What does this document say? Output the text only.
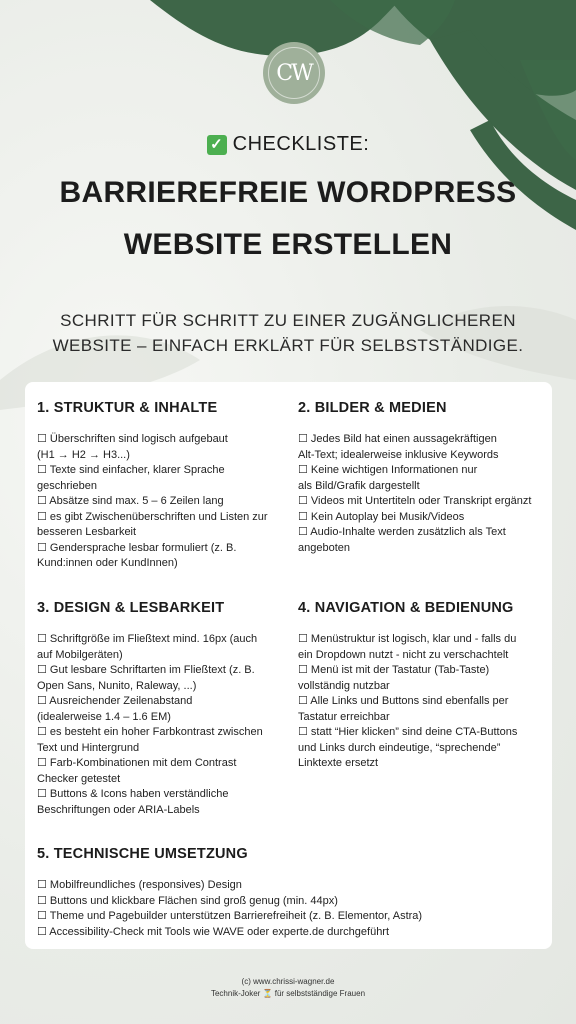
CW
✓ CHECKLISTE:
BARRIEREFREIE WORDPRESS
WEBSITE ERSTELLEN
SCHRITT FÜR SCHRITT ZU EINER ZUGÄNGLICHEREN
WEBSITE – EINFACH ERKLÄRT FÜR SELBSTSTÄNDIGE.
1. STRUKTUR & INHALTE
☐ Überschriften sind logisch aufgebaut
(H1 → H2 → H3...)
☐ Texte sind einfacher, klarer Sprache
geschrieben
☐ Absätze sind max. 5 – 6 Zeilen lang
☐ es gibt Zwischenüberschriften und Listen zur
besseren Lesbarkeit
☐ Gendersprache lesbar formuliert (z. B.
Kund:innen oder KundInnen)
2. BILDER & MEDIEN
☐ Jedes Bild hat einen aussagekräftigen
Alt-Text; idealerweise inklusive Keywords
☐ Keine wichtigen Informationen nur
als Bild/Grafik dargestellt
☐ Videos mit Untertiteln oder Transkript ergänzt
☐ Kein Autoplay bei Musik/Videos
☐ Audio-Inhalte werden zusätzlich als Text
angeboten
3. DESIGN & LESBARKEIT
☐ Schriftgröße im Fließtext mind. 16px (auch
auf Mobilgeräten)
☐ Gut lesbare Schriftarten im Fließtext (z. B.
Open Sans, Nunito, Raleway, ...)
☐ Ausreichender Zeilenabstand
(idealerweise 1.4 – 1.6 EM)
☐ es besteht ein hoher Farbkontrast zwischen
Text und Hintergrund
☐ Farb-Kombinationen mit dem Contrast
Checker getestet
☐ Buttons & Icons haben verständliche
Beschriftungen oder ARIA-Labels
4. NAVIGATION & BEDIENUNG
☐ Menüstruktur ist logisch, klar und - falls du
ein Dropdown nutzt - nicht zu verschachtelt
☐ Menü ist mit der Tastatur (Tab-Taste)
vollständig nutzbar
☐ Alle Links und Buttons sind ebenfalls per
Tastatur erreichbar
☐ statt “Hier klicken” sind deine CTA-Buttons
und Links durch eindeutige, “sprechende”
Linktexte ersetzt
5. TECHNISCHE UMSETZUNG
☐ Mobilfreundliches (responsives) Design
☐ Buttons und klickbare Flächen sind groß genug (min. 44px)
☐ Theme und Pagebuilder unterstützen Barrierefreiheit (z. B. Elementor, Astra)
☐ Accessibility-Check mit Tools wie WAVE oder experte.de durchgeführt
(c) www.chrissi-wagner.de
Technik-Joker ⏳ für selbstständige Frauen
